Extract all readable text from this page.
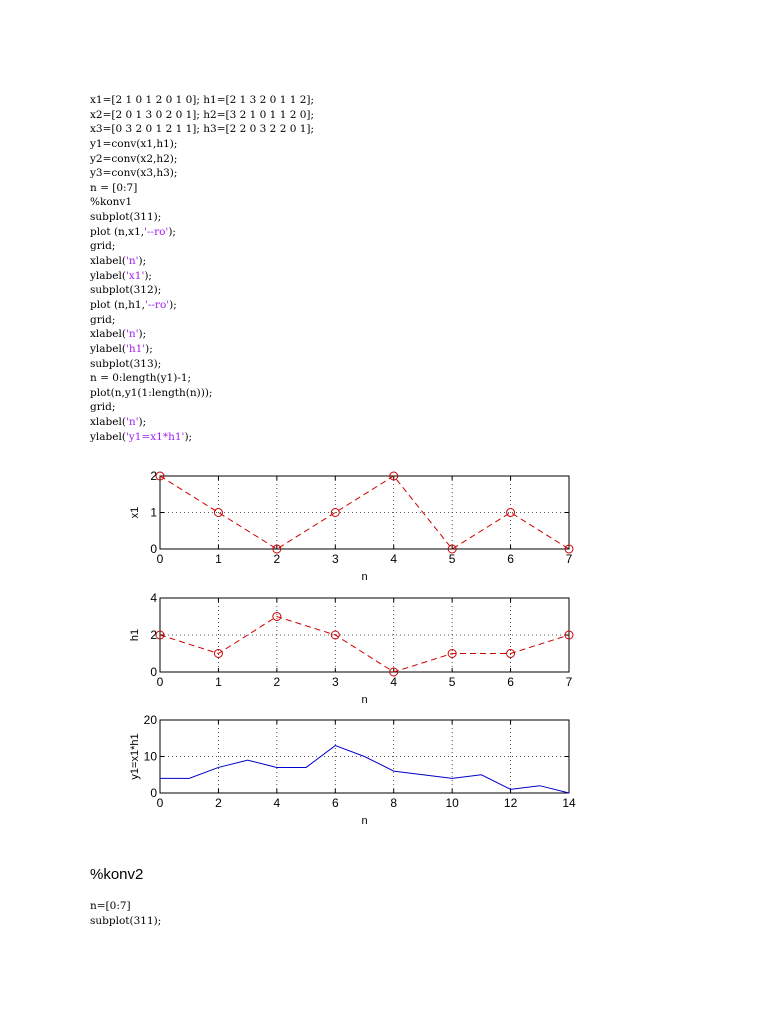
x1=[2 1 0 1 2 0 1 0]; h1=[2 1 3 2 0 1 1 2];
x2=[2 0 1 3 0 2 0 1]; h2=[3 2 1 0 1 1 2 0];
x3=[0 3 2 0 1 2 1 1]; h3=[2 2 0 3 2 2 0 1];
y1=conv(x1,h1);
y2=conv(x2,h2);
y3=conv(x3,h3);
n = [0:7]
%konv1
subplot(311);
plot (n,x1,'--ro');
grid;
xlabel('n');
ylabel('x1');
subplot(312);
plot (n,h1,'--ro');
grid;
xlabel('n');
ylabel('h1');
subplot(313);
n = 0:length(y1)-1;
plot(n,y1(1:length(n)));
grid;
xlabel('n');
ylabel('y1=x1*h1');
0	1	2	3	4	5	6	7
0
1
2
n
x1
0	1	2	3	4	5	6	7
0
2
4
n
h1
0	2	4	6	8	10	12	14
0
10
20
n
y1=x1*h1
%konv2
n=[0:7]
subplot(311);
